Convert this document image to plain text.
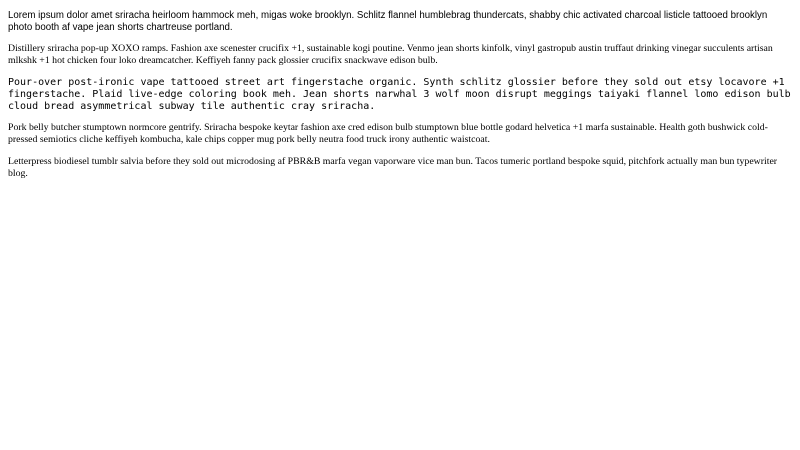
Lorem ipsum dolor amet sriracha heirloom hammock meh, migas woke brooklyn. Schlitz flannel humblebrag thundercats, shabby chic activated charcoal listicle tattooed brooklyn photo booth af vape jean shorts chartreuse portland.

Distillery sriracha pop-up XOXO ramps. Fashion axe scenester crucifix +1, sustainable kogi poutine. Venmo jean shorts kinfolk, vinyl gastropub austin truffaut drinking vinegar succulents artisan mlkshk +1 hot chicken four loko dreamcatcher. Keffiyeh fanny pack glossier crucifix snackwave edison bulb.

Pour-over post-ironic vape tattooed street art fingerstache organic. Synth schlitz glossier before they sold out etsy locavore +1 fingerstache. Plaid live-edge coloring book meh. Jean shorts narwhal 3 wolf moon disrupt meggings taiyaki flannel lomo edison bulb cloud bread asymmetrical subway tile authentic cray sriracha.

Pork belly butcher stumptown normcore gentrify. Sriracha bespoke keytar fashion axe cred edison bulb stumptown blue bottle godard helvetica +1 marfa sustainable. Health goth bushwick cold-pressed semiotics cliche keffiyeh kombucha, kale chips copper mug pork belly neutra food truck irony authentic waistcoat.

Letterpress biodiesel tumblr salvia before they sold out microdosing af PBR&B marfa vegan vaporware vice man bun. Tacos tumeric portland bespoke squid, pitchfork actually man bun typewriter blog.
